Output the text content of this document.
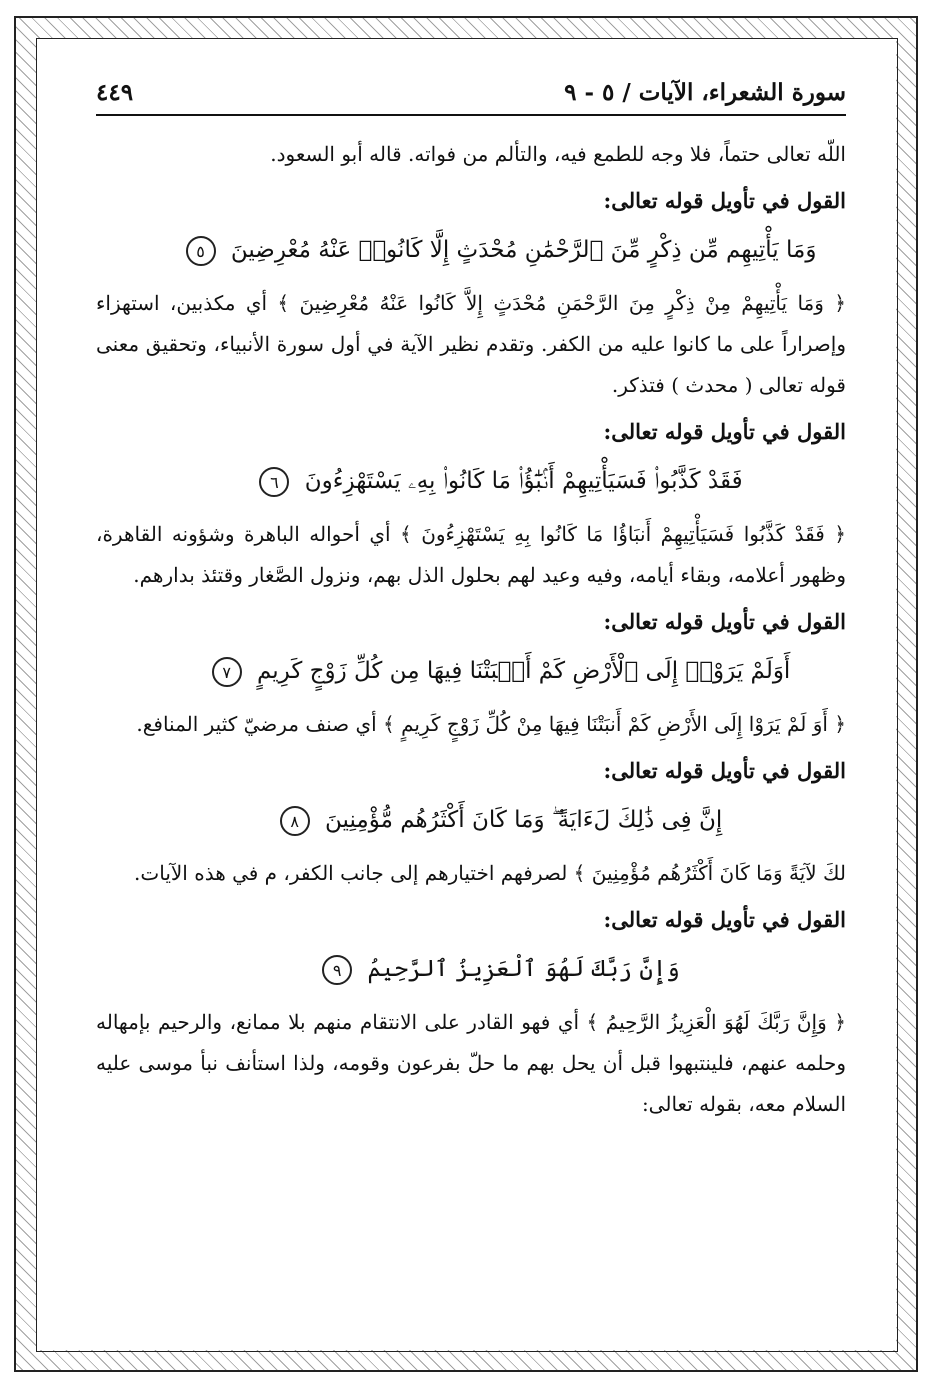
سورة الشعراء، الآيات / ٥ - ٩
٤٤٩

اللّه تعالى حتماً، فلا وجه للطمع فيه، والتألم من فواته. قاله أبو السعود.

القول في تأويل قوله تعالى:

وَمَا يَأْتِيهِم مِّن ذِكْرٍ مِّنَ ٱلرَّحْمَٰنِ مُحْدَثٍ إِلَّا كَانُوا۟ عَنْهُ مُعْرِضِينَ ٥

﴿ وَمَا يَأْتِيهِمْ مِنْ ذِكْرٍ مِنَ الرَّحْمَنِ مُحْدَثٍ إِلاَّ كَانُوا عَنْهُ مُعْرِضِينَ ﴾ أي مكذبين، استهزاء وإصراراً على ما كانوا عليه من الكفر. وتقدم نظير الآية في أول سورة الأنبياء، وتحقيق معنى قوله تعالى ( محدث ) فتذكر.

القول في تأويل قوله تعالى:

فَقَدْ كَذَّبُوا۟ فَسَيَأْتِيهِمْ أَنۢبَٰٓؤُا۟ مَا كَانُوا۟ بِهِۦ يَسْتَهْزِءُونَ ٦

﴿ فَقَدْ كَذَّبُوا فَسَيَأْتِيهِمْ أَنبَاؤُا مَا كَانُوا بِهِ يَسْتَهْزِءُونَ ﴾ أي أحواله الباهرة وشؤونه القاهرة، وظهور أعلامه، وبقاء أيامه، وفيه وعيد لهم بحلول الذل بهم، ونزول الصَّغار وقتئذ بدارهم.

القول في تأويل قوله تعالى:

أَوَلَمْ يَرَوْا۟ إِلَى ٱلْأَرْضِ كَمْ أَنۢبَتْنَا فِيهَا مِن كُلِّ زَوْجٍ كَرِيمٍ ٧

﴿ أَوَ لَمْ يَرَوْا إِلَى الأَرْضِ كَمْ أَنبَتْنَا فِيهَا مِنْ كُلِّ زَوْجٍ كَرِيمٍ ﴾ أي صنف مرضيّ كثير المنافع.

القول في تأويل قوله تعالى:

إِنَّ فِى ذَٰلِكَ لَءَايَةً ۖ وَمَا كَانَ أَكْثَرُهُم مُّؤْمِنِينَ ٨

لكَ لآيَةً وَمَا كَانَ أَكْثَرُهُم مُؤْمِنِينَ ﴾ لصرفهم اختيارهم إلى جانب الكفر، م في هذه الآيات.

القول في تأويل قوله تعالى:

وَإِنَّ رَبَّكَ لَهُوَ ٱلْعَزِيزُ ٱلرَّحِيمُ ٩

﴿ وَإِنَّ رَبَّكَ لَهُوَ الْعَزِيزُ الرَّحِيمُ ﴾ أي فهو القادر على الانتقام منهم بلا ممانع، والرحيم بإمهاله وحلمه عنهم، فلينتبهوا قبل أن يحل بهم ما حلّ بفرعون وقومه، ولذا استأنف نبأ موسى عليه السلام معه، بقوله تعالى:
